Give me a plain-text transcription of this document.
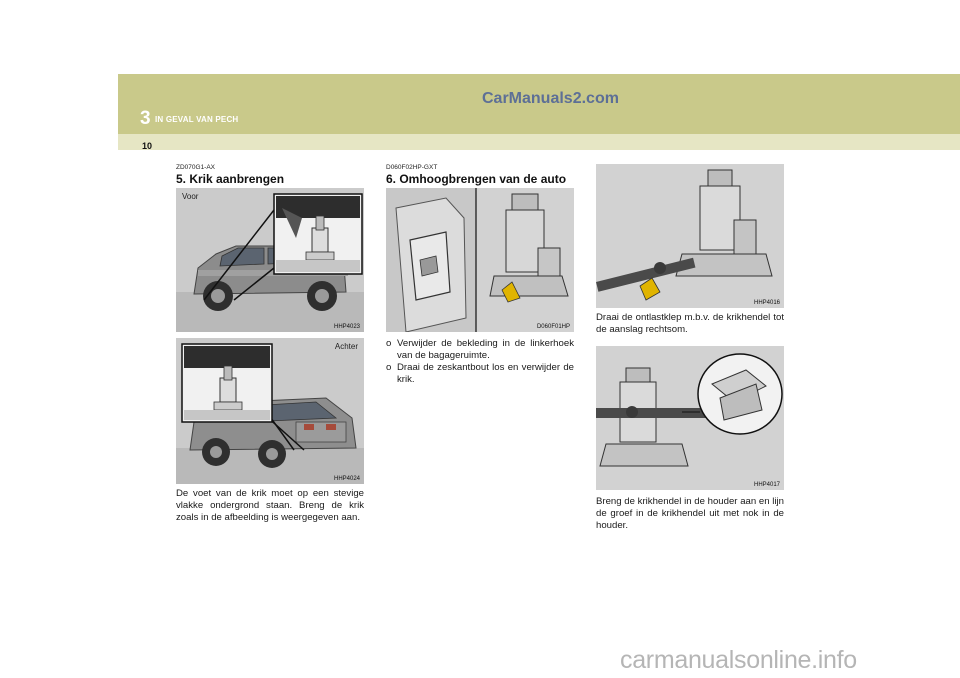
CarManuals2.com
3 IN GEVAL VAN PECH
10
ZD070G1-AX
5. Krik aanbrengen
Voor
HHP4023
Achter
HHP4024
De voet van de krik moet op een stevige vlakke ondergrond staan. Breng de krik zoals in de afbeelding is weergegeven aan.
D060F02HP-GXT
6. Omhoogbrengen van de auto
D060F01HP
o Verwijder de bekleding in de linkerhoek van de bagageruimte.
o Draai de zeskantbout los en verwijder de krik.
HHP4016
Draai de ontlastklep m.b.v. de krikhendel tot de aanslag rechtsom.
HHP4017
Breng de krikhendel in de houder aan en lijn de groef in de krikhendel uit met nok in de houder.
carmanualsonline.info
